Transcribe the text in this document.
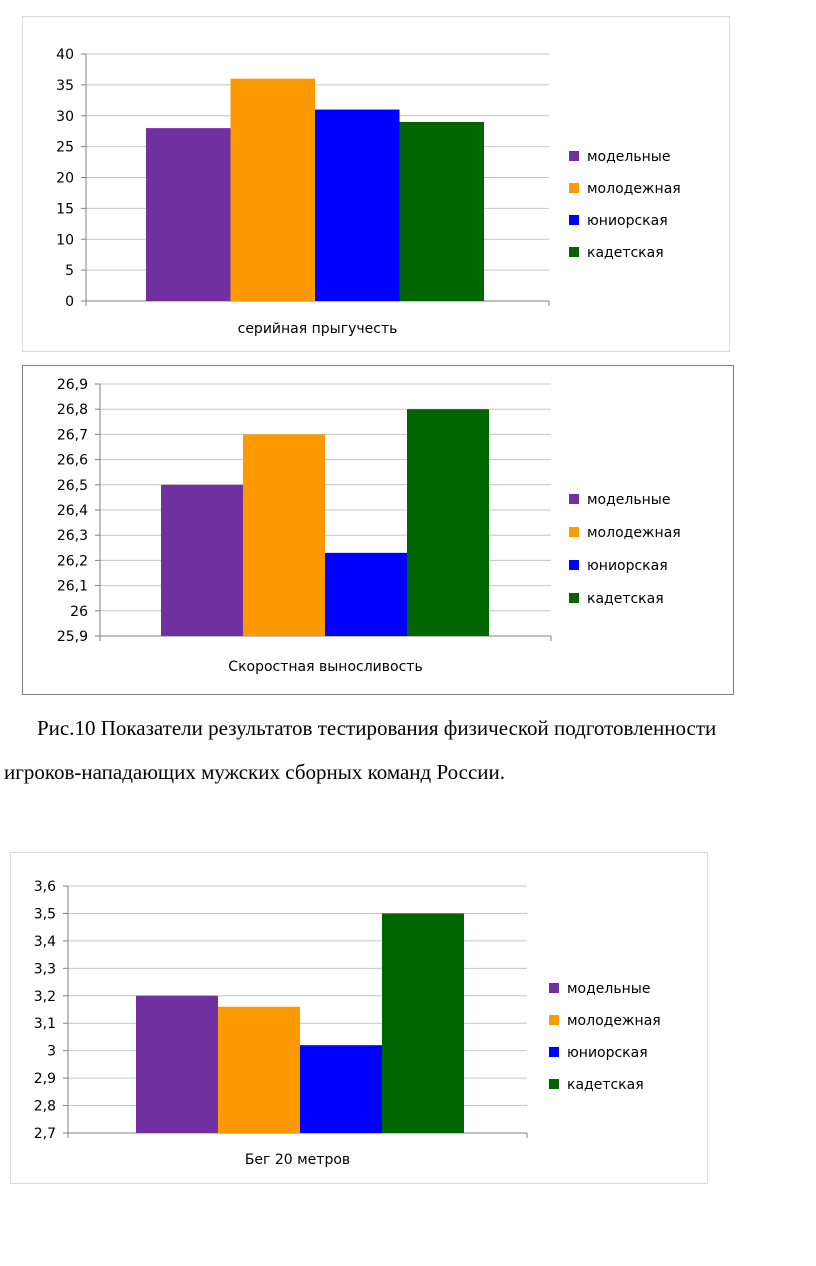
0
5
10
15
20
25
30
35
40
серийная прыгучесть
модельные
молодежная
юниорская
кадетская
25,9
26
26,1
26,2
26,3
26,4
26,5
26,6
26,7
26,8
26,9
Скоростная выносливость
модельные
молодежная
юниорская
кадетская
Рис.10 Показатели результатов тестирования физической подготовленности
игроков-нападающих мужских сборных команд России.
2,7
2,8
2,9
3
3,1
3,2
3,3
3,4
3,5
3,6
Бег 20 метров
модельные
молодежная
юниорская
кадетская
